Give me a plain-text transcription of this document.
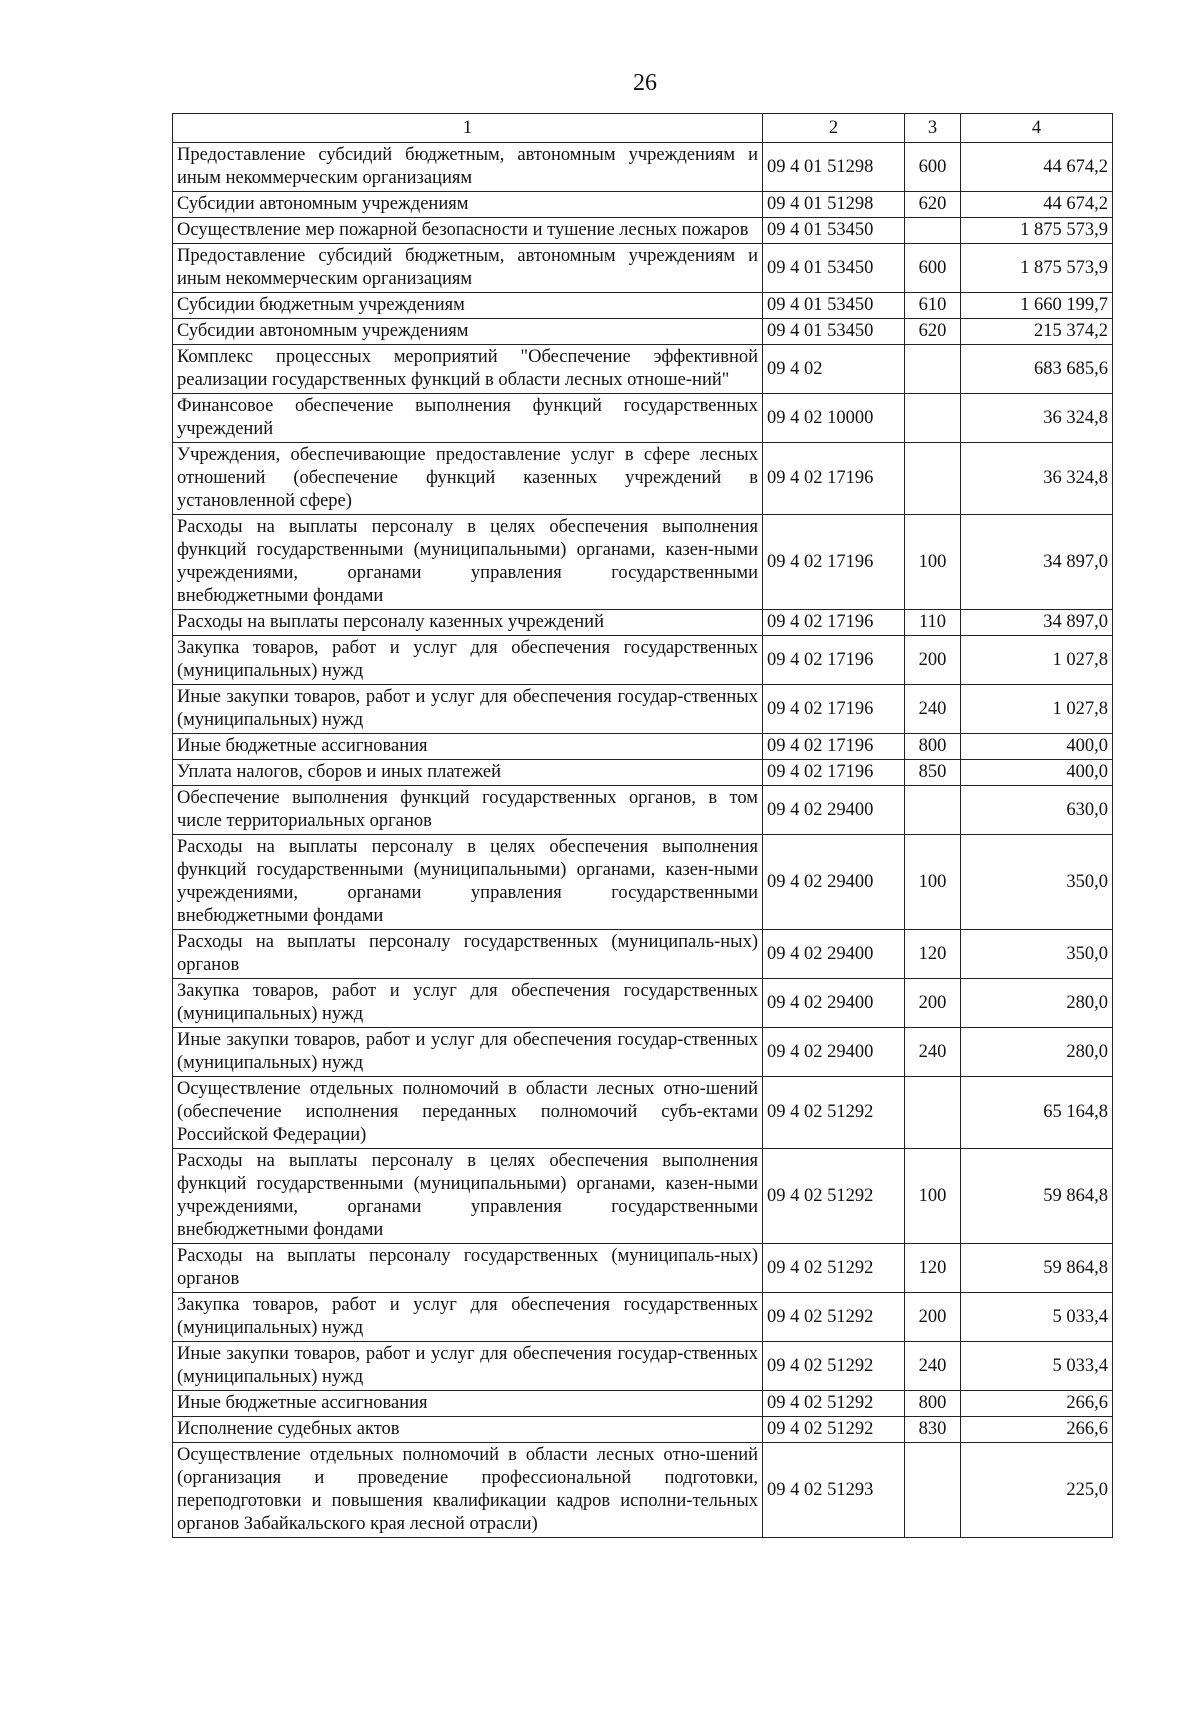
26
1	2	3	4
Предоставление субсидий бюджетным, автономным учреждениям и иным некоммерческим организациям	09 4 01 51298	600	44 674,2
Субсидии автономным учреждениям	09 4 01 51298	620	44 674,2
Осуществление мер пожарной безопасности и тушение лесных пожаров	09 4 01 53450		1 875 573,9
Предоставление субсидий бюджетным, автономным учреждениям и иным некоммерческим организациям	09 4 01 53450	600	1 875 573,9
Субсидии бюджетным учреждениям	09 4 01 53450	610	1 660 199,7
Субсидии автономным учреждениям	09 4 01 53450	620	215 374,2
Комплекс процессных мероприятий "Обеспечение эффективной реализации государственных функций в области лесных отноше-ний"	09 4 02		683 685,6
Финансовое обеспечение выполнения функций государственных учреждений	09 4 02 10000		36 324,8
Учреждения, обеспечивающие предоставление услуг в сфере лесных отношений (обеспечение функций казенных учреждений в установленной сфере)	09 4 02 17196		36 324,8
Расходы на выплаты персоналу в целях обеспечения выполнения функций государственными (муниципальными) органами, казен-ными учреждениями, органами управления государственными внебюджетными фондами	09 4 02 17196	100	34 897,0
Расходы на выплаты персоналу казенных учреждений	09 4 02 17196	110	34 897,0
Закупка товаров, работ и услуг для обеспечения государственных (муниципальных) нужд	09 4 02 17196	200	1 027,8
Иные закупки товаров, работ и услуг для обеспечения государ-ственных (муниципальных) нужд	09 4 02 17196	240	1 027,8
Иные бюджетные ассигнования	09 4 02 17196	800	400,0
Уплата налогов, сборов и иных платежей	09 4 02 17196	850	400,0
Обеспечение выполнения функций государственных органов, в том числе территориальных органов	09 4 02 29400		630,0
Расходы на выплаты персоналу в целях обеспечения выполнения функций государственными (муниципальными) органами, казен-ными учреждениями, органами управления государственными внебюджетными фондами	09 4 02 29400	100	350,0
Расходы на выплаты персоналу государственных (муниципаль-ных) органов	09 4 02 29400	120	350,0
Закупка товаров, работ и услуг для обеспечения государственных (муниципальных) нужд	09 4 02 29400	200	280,0
Иные закупки товаров, работ и услуг для обеспечения государ-ственных (муниципальных) нужд	09 4 02 29400	240	280,0
Осуществление отдельных полномочий в области лесных отно-шений (обеспечение исполнения переданных полномочий субъ-ектами Российской Федерации)	09 4 02 51292		65 164,8
Расходы на выплаты персоналу в целях обеспечения выполнения функций государственными (муниципальными) органами, казен-ными учреждениями, органами управления государственными внебюджетными фондами	09 4 02 51292	100	59 864,8
Расходы на выплаты персоналу государственных (муниципаль-ных) органов	09 4 02 51292	120	59 864,8
Закупка товаров, работ и услуг для обеспечения государственных (муниципальных) нужд	09 4 02 51292	200	5 033,4
Иные закупки товаров, работ и услуг для обеспечения государ-ственных (муниципальных) нужд	09 4 02 51292	240	5 033,4
Иные бюджетные ассигнования	09 4 02 51292	800	266,6
Исполнение судебных актов	09 4 02 51292	830	266,6
Осуществление отдельных полномочий в области лесных отно-шений (организация и проведение профессиональной подготовки, переподготовки и повышения квалификации кадров исполни-тельных органов Забайкальского края лесной отрасли)	09 4 02 51293		225,0
